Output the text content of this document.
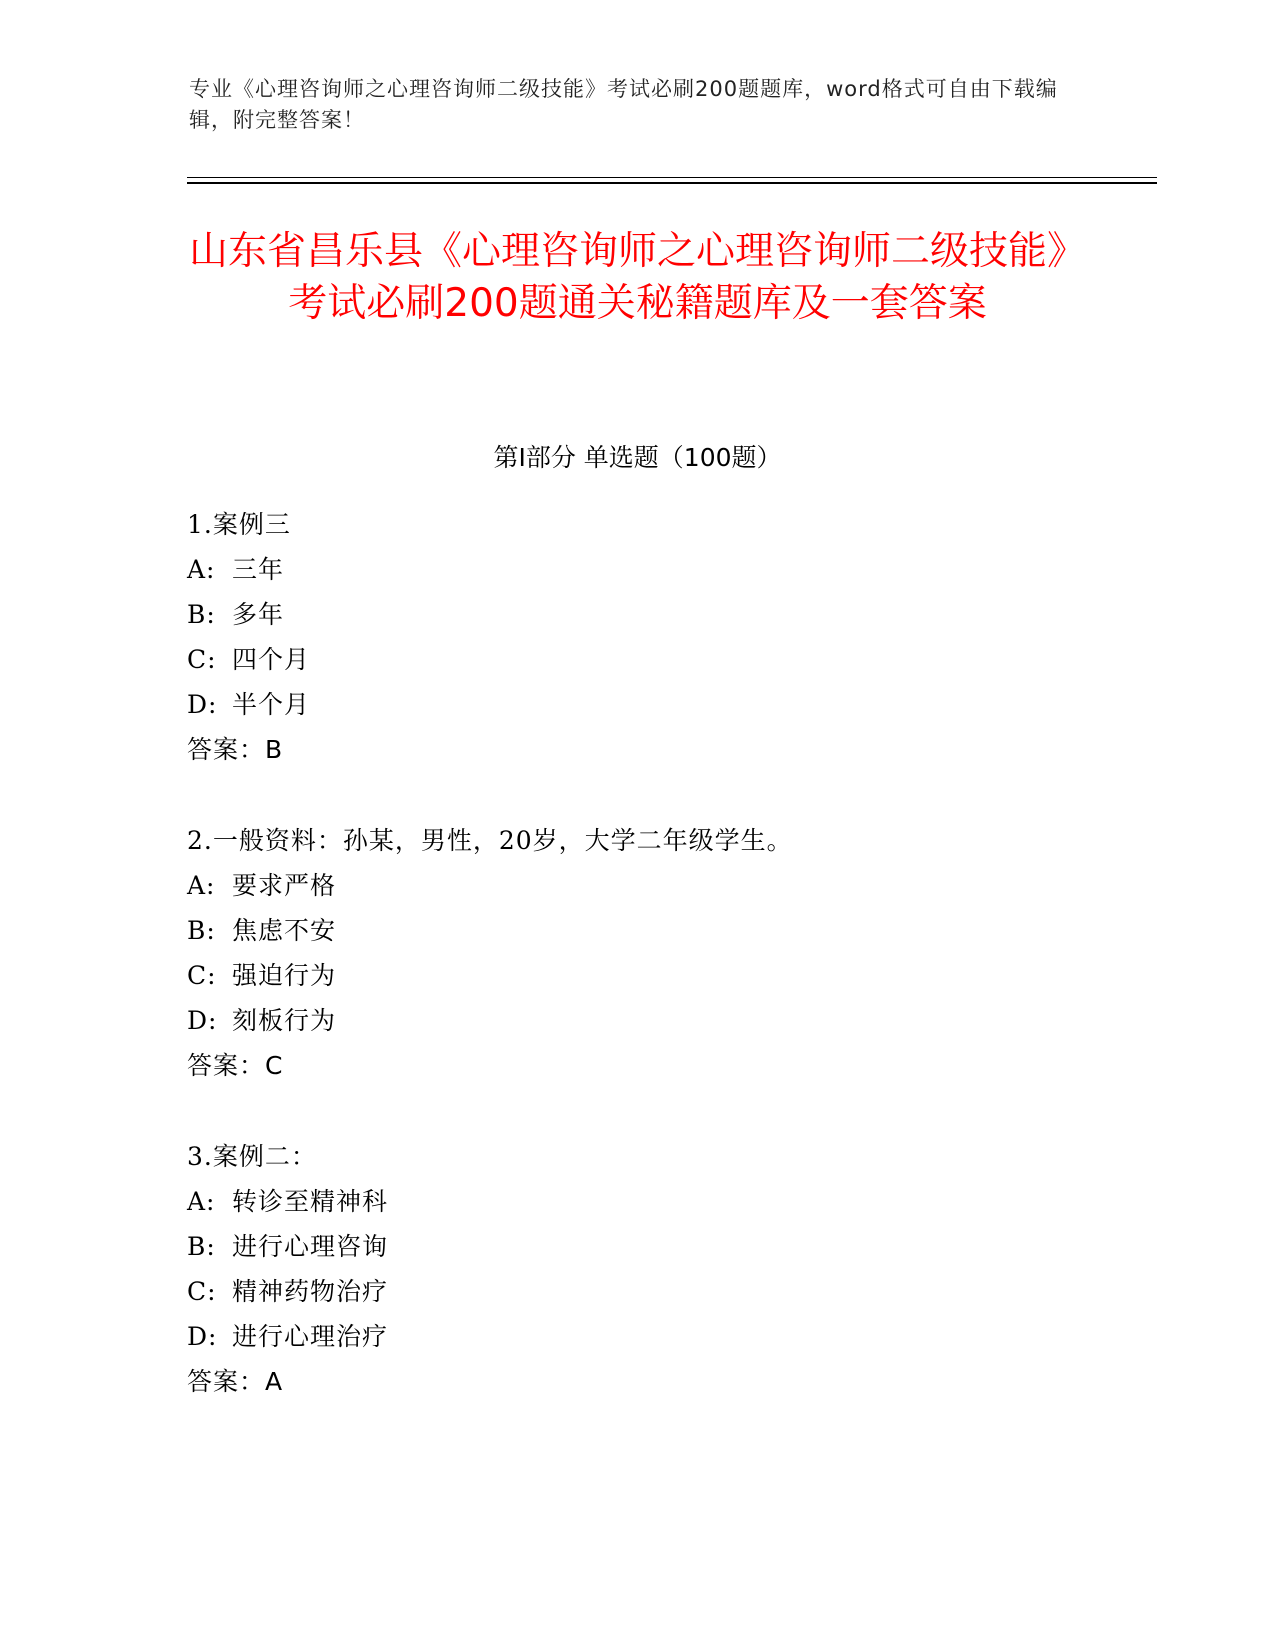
专业《心理咨询师之心理咨询师二级技能》考试必刷200题题库，word格式可自由下载编辑，附完整答案！
山东省昌乐县《心理咨询师之心理咨询师二级技能》考试必刷200题通关秘籍题库及一套答案
第Ⅰ部分 单选题（100题）
1.案例三
A: 三年
B: 多年
C: 四个月
D: 半个月
答案：B
2.一般资料：孙某，男性，20岁，大学二年级学生。
A: 要求严格
B: 焦虑不安
C: 强迫行为
D: 刻板行为
答案：C
3.案例二：
A: 转诊至精神科
B: 进行心理咨询
C: 精神药物治疗
D: 进行心理治疗
答案：A
